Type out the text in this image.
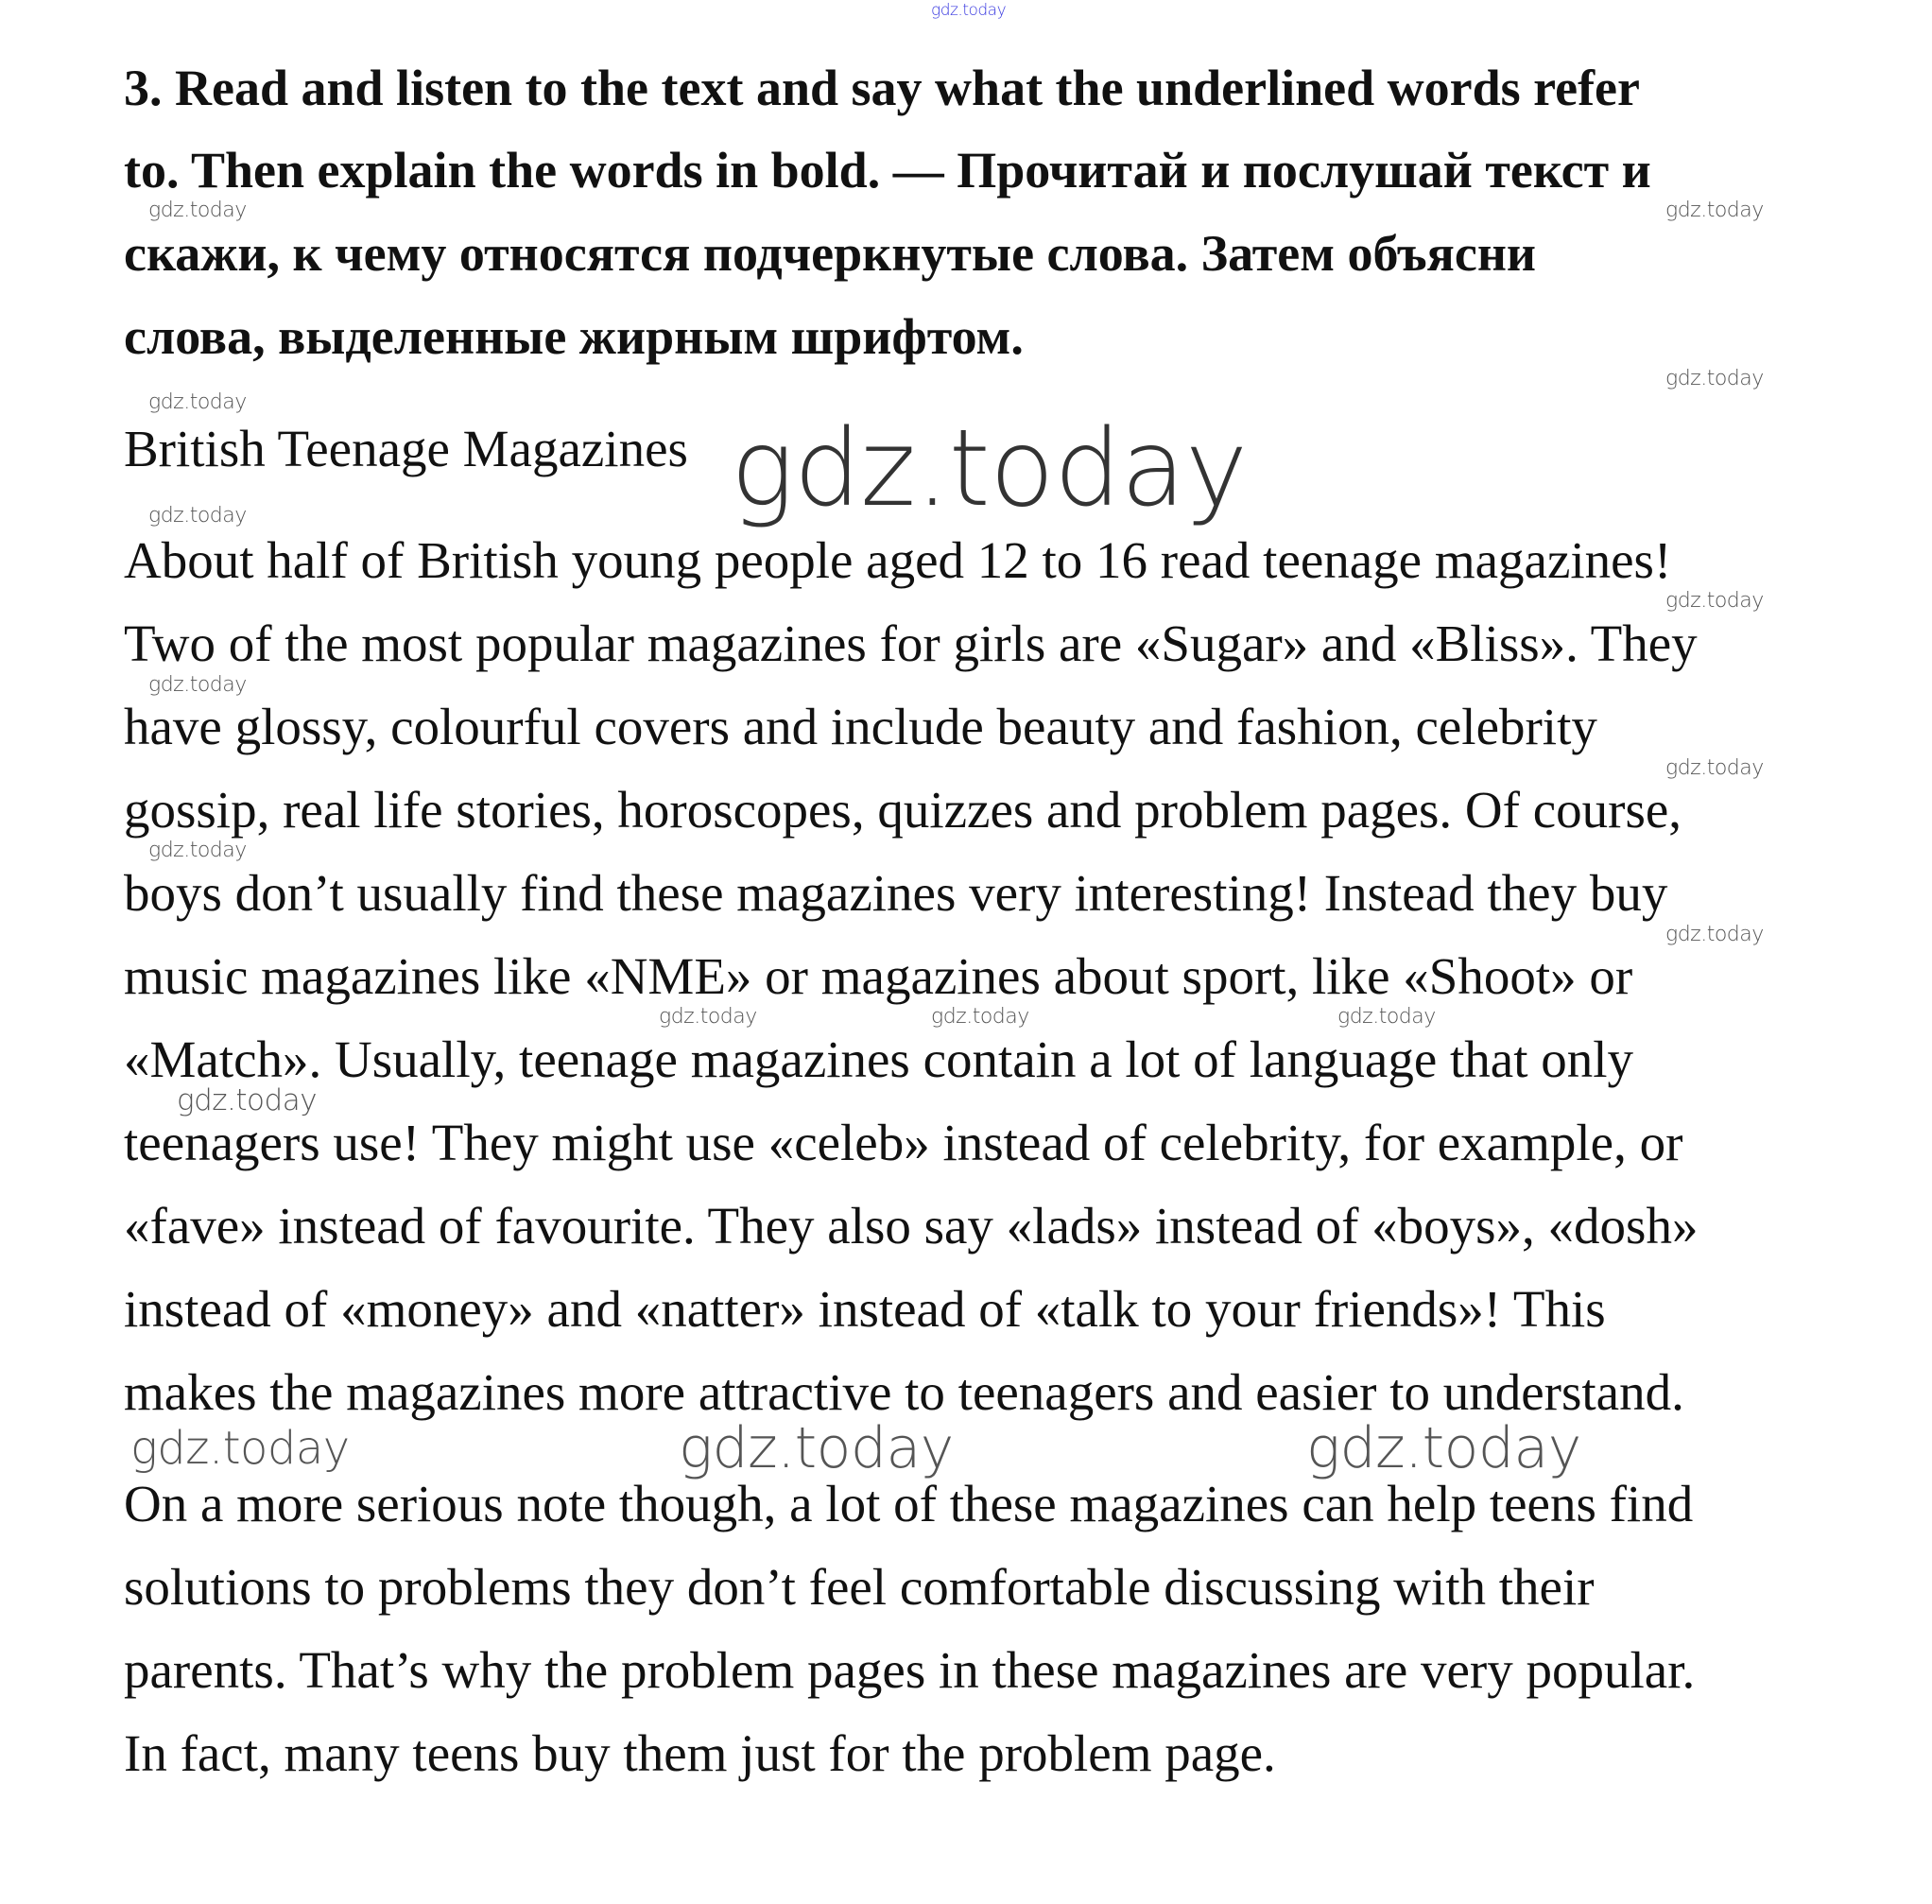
gdz.today
3. Read and listen to the text and say what the underlined words refer
to. Then explain the words in bold. — Прочитай и послушай текст и
скажи, к чему относятся подчеркнутые слова. Затем объясни
слова, выделенные жирным шрифтом.
British Teenage Magazines
About half of British young people aged 12 to 16 read teenage magazines!
Two of the most popular magazines for girls are «Sugar» and «Bliss». They
have glossy, colourful covers and include beauty and fashion, celebrity
gossip, real life stories, horoscopes, quizzes and problem pages. Of course,
boys don’t usually find these magazines very interesting! Instead they buy
music magazines like «NME» or magazines about sport, like «Shoot» or
«Match». Usually, teenage magazines contain a lot of language that only
teenagers use! They might use «celeb» instead of celebrity, for example, or
«fave» instead of favourite. They also say «lads» instead of «boys», «dosh»
instead of «money» and «natter» instead of «talk to your friends»! This
makes the magazines more attractive to teenagers and easier to understand.
On a more serious note though, a lot of these magazines can help teens find
solutions to problems they don’t feel comfortable discussing with their
parents. That’s why the problem pages in these magazines are very popular.
In fact, many teens buy them just for the problem page.
gdz.today
gdz.today
gdz.today
gdz.today
gdz.today
gdz.today
gdz.today
gdz.today
gdz.today
gdz.today
gdz.today	gdz.today	gdz.today
gdz.today
gdz.today
gdz.today	gdz.today	gdz.today
